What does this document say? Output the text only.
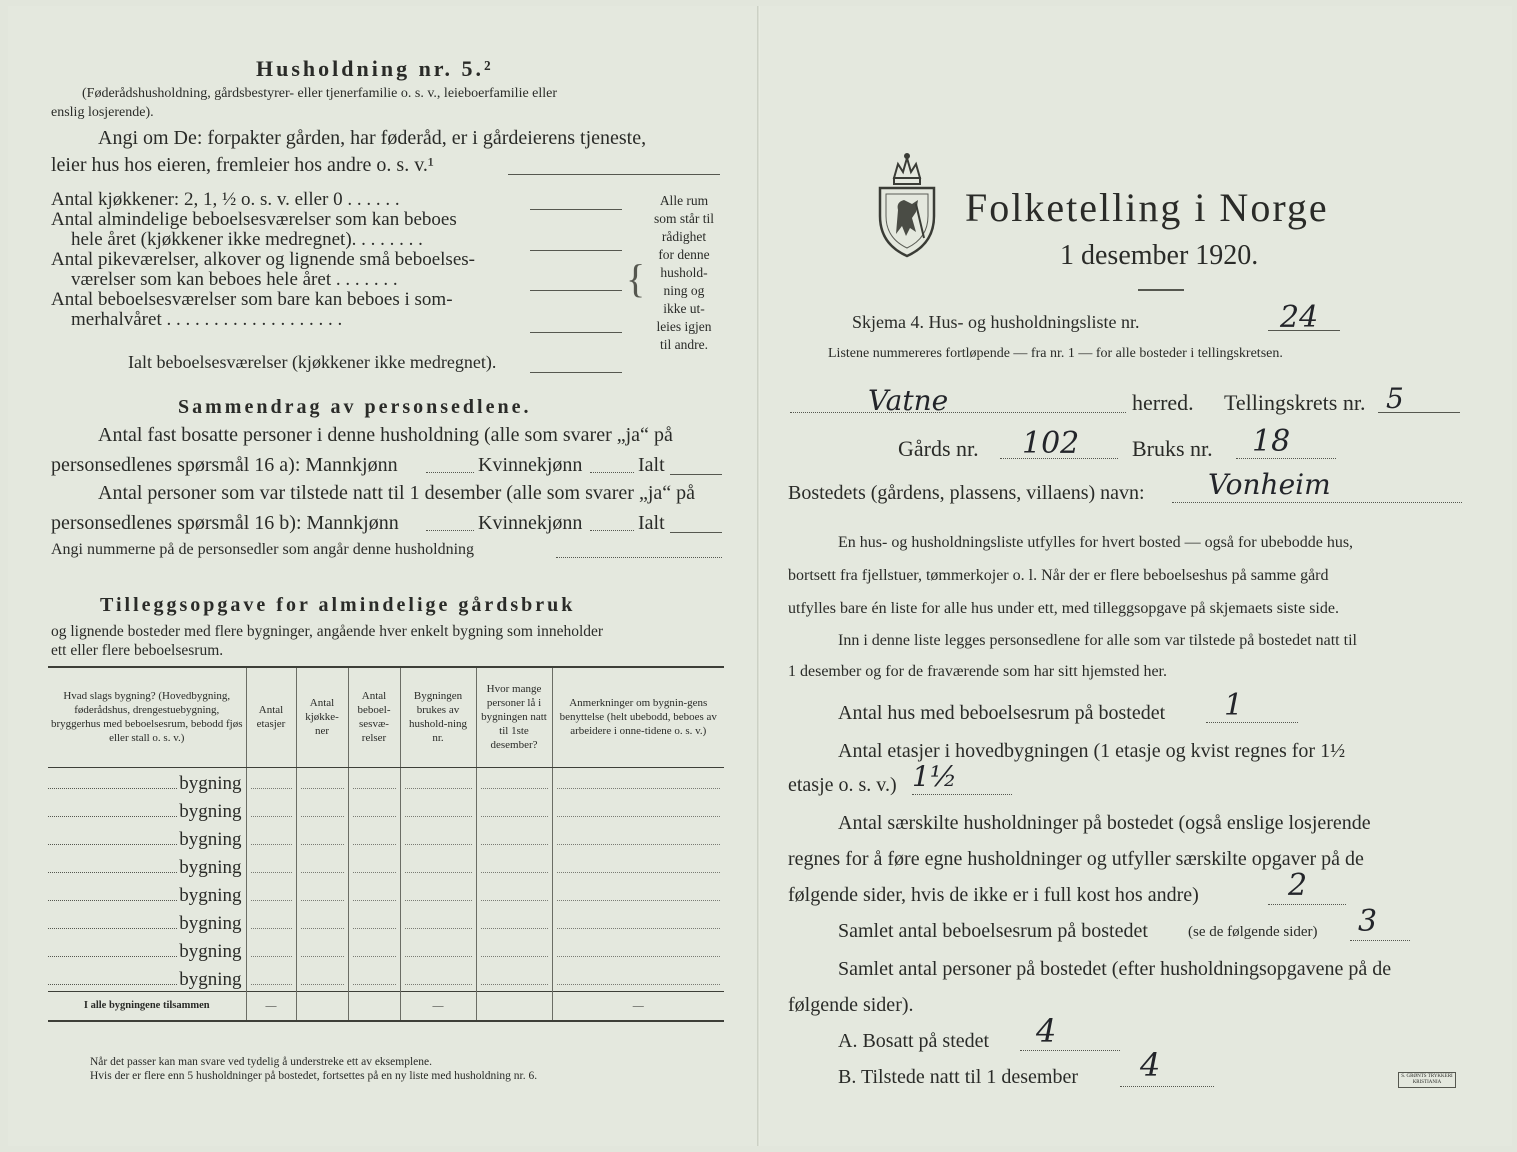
Husholdning nr. 5.²
(Føderådshusholdning, gårdsbestyrer- eller tjenerfamilie o. s. v., leieboerfamilie eller
enslig losjerende).
Angi om De: forpakter gården, har føderåd, er i gårdeierens tjeneste,
leier hus hos eieren, fremleier hos andre o. s. v.¹
Antal kjøkkener: 2, 1, ½ o. s. v. eller 0 . . . . . .
Antal almindelige beboelsesværelser som kan beboes
hele året (kjøkkener ikke medregnet). . . . . . . .
Antal pikeværelser, alkover og lignende små beboelses-
værelser som kan beboes hele året . . . . . . .
Antal beboelsesværelser som bare kan beboes i som-
merhalvåret . . . . . . . . . . . . . . . . . . .
Ialt beboelsesværelser (kjøkkener ikke medregnet).
{
Alle rum
som står til
rådighet
for denne
hushold-
ning og
ikke ut-
leies igjen
til andre.
Sammendrag av personsedlene.
Antal fast bosatte personer i denne husholdning (alle som svarer „ja“ på
personsedlenes spørsmål 16 a): Mannkjønn	Kvinnekjønn	Ialt
Antal personer som var tilstede natt til 1 desember (alle som svarer „ja“ på
personsedlenes spørsmål 16 b): Mannkjønn	Kvinnekjønn	Ialt
Angi nummerne på de personsedler som angår denne husholdning
Tilleggsopgave for almindelige gårdsbruk
og lignende bosteder med flere bygninger, angående hver enkelt bygning som inneholder
ett eller flere beboelsesrum.
Hvad slags bygning? (Hovedbygning, føderådshus, drengestuebygning, bryggerhus med beboelsesrum, bebodd fjøs eller stall o. s. v.)	Antal etasjer	Antal kjøkke-ner	Antal beboel-sesvæ-relser	Bygningen brukes av hushold-ning nr.	Hvor mange personer lå i bygningen natt til 1ste desember?	Anmerkninger om bygnin-gens benyttelse (helt ubebodd, beboes av arbeidere i onne-tidene o. s. v.)

bygning						

bygning						

bygning						

bygning						

bygning						

bygning						

bygning						

bygning						

I alle bygningene tilsammen	—			—		—
Når det passer kan man svare ved tydelig å understreke ett av eksemplene.
Hvis der er flere enn 5 husholdninger på bostedet, fortsettes på en ny liste med husholdning nr. 6.
Folketelling i Norge
1 desember 1920.
Skjema 4. Hus- og husholdningsliste nr.	24
Listene nummereres fortløpende — fra nr. 1 — for alle bosteder i tellingskretsen.
Vatne	herred. Tellingskrets nr. 5
Gårds nr. 102 Bruks nr. 18
Bostedets (gårdens, plassens, villaens) navn: Vonheim
En hus- og husholdningsliste utfylles for hvert bosted — også for ubebodde hus,
bortsett fra fjellstuer, tømmerkojer o. l. Når der er flere beboelseshus på samme gård
utfylles bare én liste for alle hus under ett, med tilleggsopgave på skjemaets siste side.
Inn i denne liste legges personsedlene for alle som var tilstede på bostedet natt til
1 desember og for de fraværende som har sitt hjemsted her.
Antal hus med beboelsesrum på bostedet 1
Antal etasjer i hovedbygningen (1 etasje og kvist regnes for 1½
etasje o. s. v.) 1½
Antal særskilte husholdninger på bostedet (også enslige losjerende
regnes for å føre egne husholdninger og utfyller særskilte opgaver på de
følgende sider, hvis de ikke er i full kost hos andre)	2
Samlet antal beboelsesrum på bostedet	(se de følgende sider) 3
Samlet antal personer på bostedet (efter husholdningsopgavene på de
følgende sider).
A. Bosatt på stedet 4
B. Tilstede natt til 1 desember 4	S. GRØNTS TRYKKERI KRISTIANIA
